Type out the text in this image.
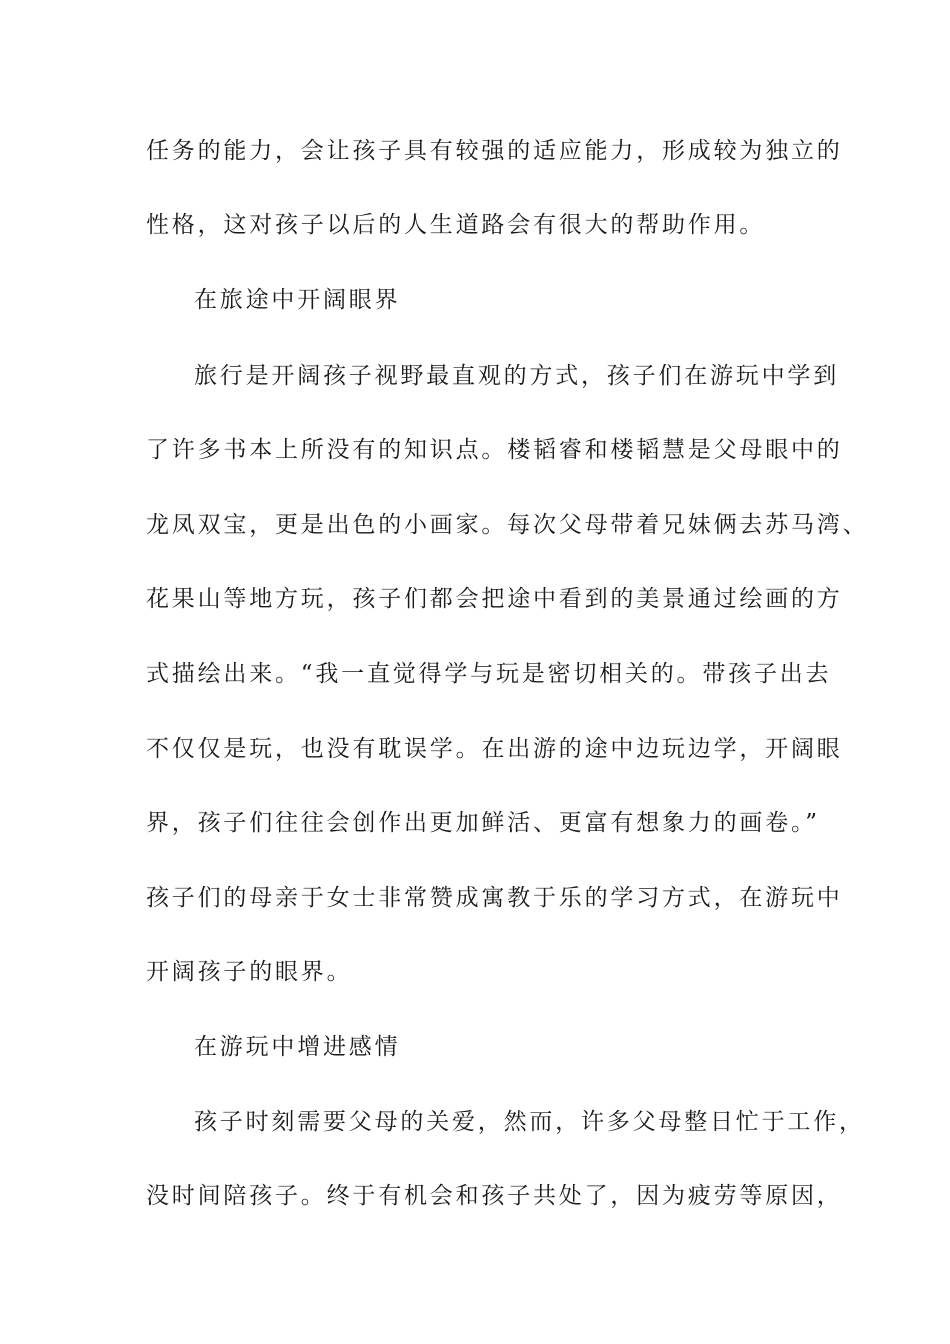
任务的能力，会让孩子具有较强的适应能力，形成较为独立的
性格，这对孩子以后的人生道路会有很大的帮助作用。
在旅途中开阔眼界
旅行是开阔孩子视野最直观的方式，孩子们在游玩中学到
了许多书本上所没有的知识点。楼韬睿和楼韬慧是父母眼中的
龙凤双宝，更是出色的小画家。每次父母带着兄妹俩去苏马湾、
花果山等地方玩，孩子们都会把途中看到的美景通过绘画的方
式描绘出来。“我一直觉得学与玩是密切相关的。带孩子出去
不仅仅是玩，也没有耽误学。在出游的途中边玩边学，开阔眼
界，孩子们往往会创作出更加鲜活、更富有想象力的画卷。”
孩子们的母亲于女士非常赞成寓教于乐的学习方式，在游玩中
开阔孩子的眼界。
在游玩中增进感情
孩子时刻需要父母的关爱，然而，许多父母整日忙于工作，
没时间陪孩子。终于有机会和孩子共处了，因为疲劳等原因，
